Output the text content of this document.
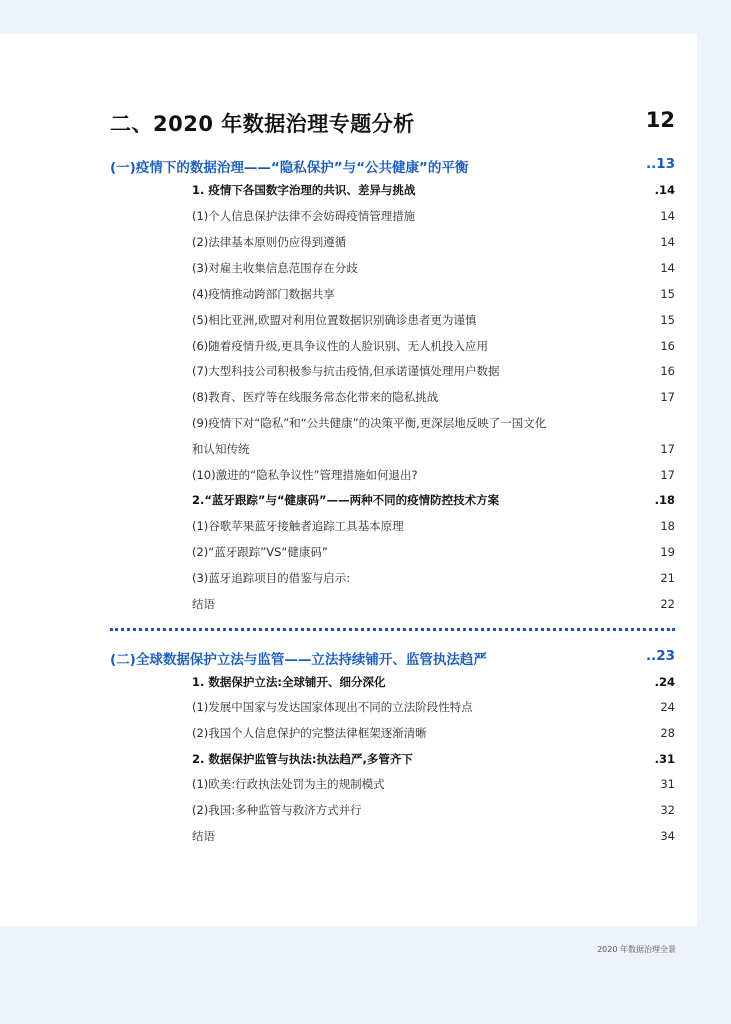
二、2020 年数据治理专题分析	12
(一)疫情下的数据治理——“隐私保护”与“公共健康”的平衡	..13
1. 疫情下各国数字治理的共识、差异与挑战	.14
(1)个人信息保护法律不会妨碍疫情管理措施	14
(2)法律基本原则仍应得到遵循	14
(3)对雇主收集信息范围存在分歧	14
(4)疫情推动跨部门数据共享	15
(5)相比亚洲,欧盟对利用位置数据识别确诊患者更为谨慎	15
(6)随着疫情升级,更具争议性的人脸识别、无人机投入应用	16
(7)大型科技公司积极参与抗击疫情,但承诺谨慎处理用户数据	16
(8)教育、医疗等在线服务常态化带来的隐私挑战	17
(9)疫情下对“隐私”和“公共健康”的决策平衡,更深层地反映了一国文化
和认知传统	17
(10)激进的“隐私争议性”管理措施如何退出?	17
2.“蓝牙跟踪”与“健康码”——两种不同的疫情防控技术方案	.18
(1)谷歌苹果蓝牙接触者追踪工具基本原理	18
(2)“蓝牙跟踪”VS“健康码”	19
(3)蓝牙追踪项目的借鉴与启示:	21
结语	22
(二)全球数据保护立法与监管——立法持续铺开、监管执法趋严	..23
1. 数据保护立法:全球铺开、细分深化	.24
(1)发展中国家与发达国家体现出不同的立法阶段性特点	24
(2)我国个人信息保护的完整法律框架逐渐清晰	28
2. 数据保护监管与执法:执法趋严,多管齐下	.31
(1)欧美:行政执法处罚为主的规制模式	31
(2)我国:多种监管与救济方式并行	32
结语	34
2020 年数据治理全景
